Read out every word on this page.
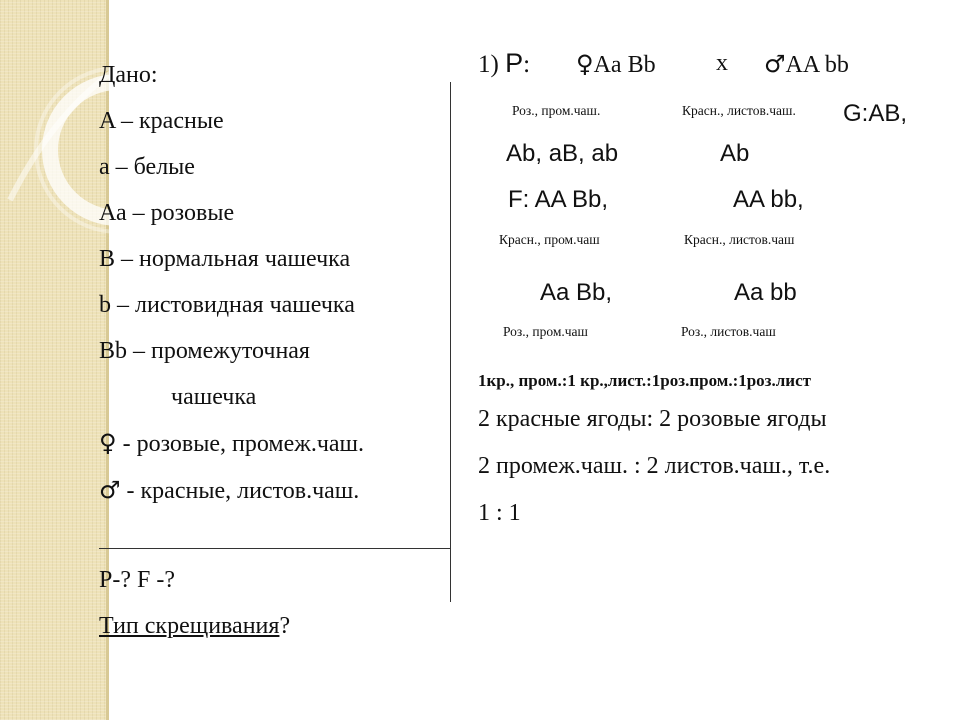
Дано:
A – красные
а – белые
Аа – розовые
B – нормальная чашечка
b – листовидная чашечка
Bb – промежуточная
чашечка
♀ - розовые, промеж.чаш.
♂ - красные, листов.чаш.
P-? F -?
Тип скрещивания?
1) P: ♀Aa Bb	x ♂AA bb
Роз., пром.чаш.	Красн., листов.чаш. G:AB,
Ab, aB, ab	Ab
F: AA Bb,	AA bb,
Красн., пром.чаш	Красн., листов.чаш
Aa Bb,	Aa bb
Роз., пром.чаш	Роз., листов.чаш
1кр., пром.:1 кр.,лист.:1роз.пром.:1роз.лист
2 красные ягоды: 2 розовые ягоды
2 промеж.чаш. : 2 листов.чаш., т.е.
1 : 1
